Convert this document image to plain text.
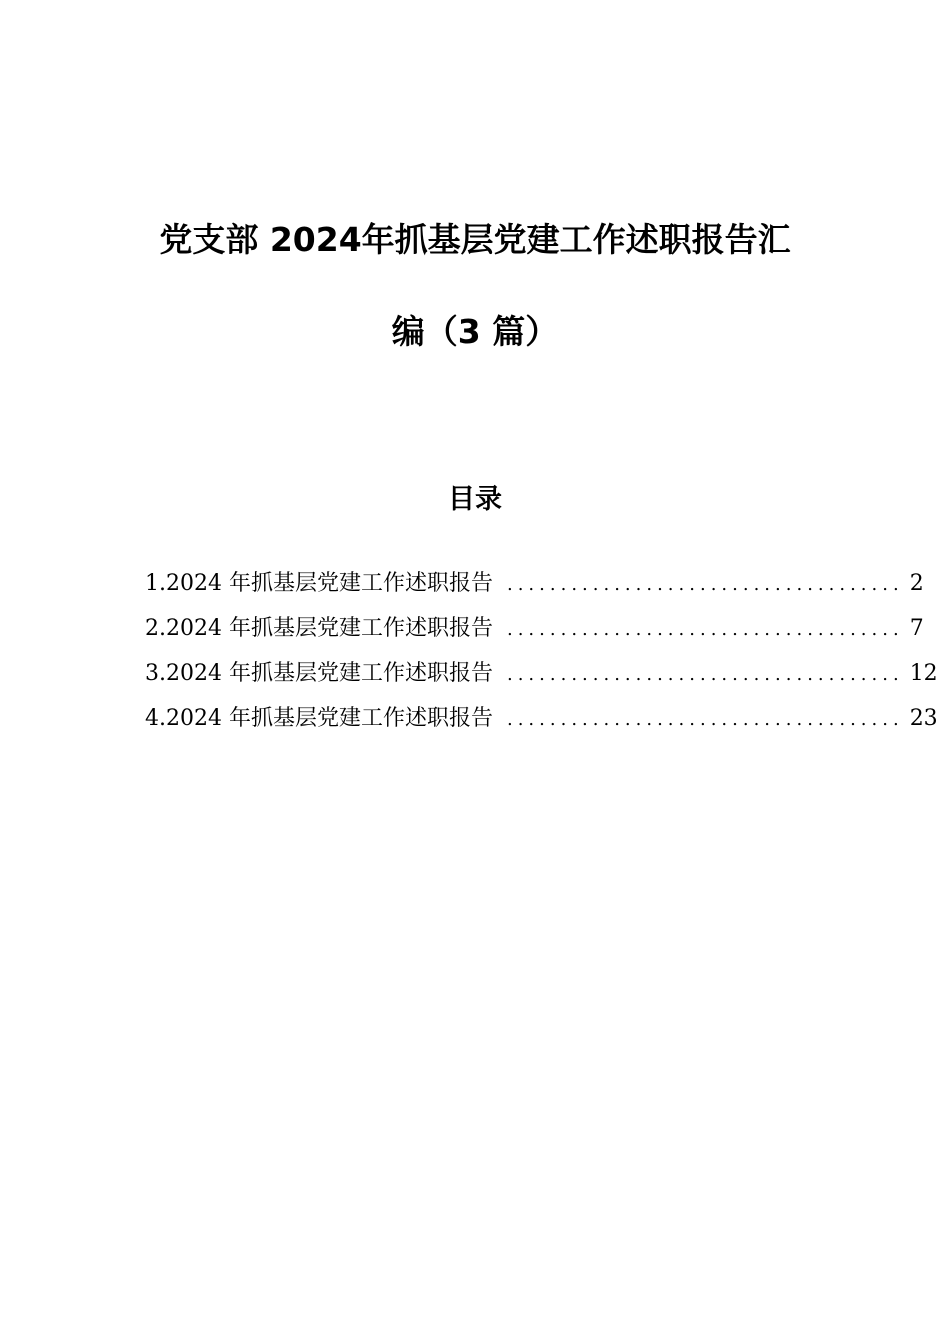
党支部 2024年抓基层党建工作述职报告汇
编（3 篇）
目录
1.2024 年抓基层党建工作述职报告 ..................................... 2
2.2024 年抓基层党建工作述职报告 ..................................... 7
3.2024 年抓基层党建工作述职报告 ..................................... 12
4.2024 年抓基层党建工作述职报告 ..................................... 23
